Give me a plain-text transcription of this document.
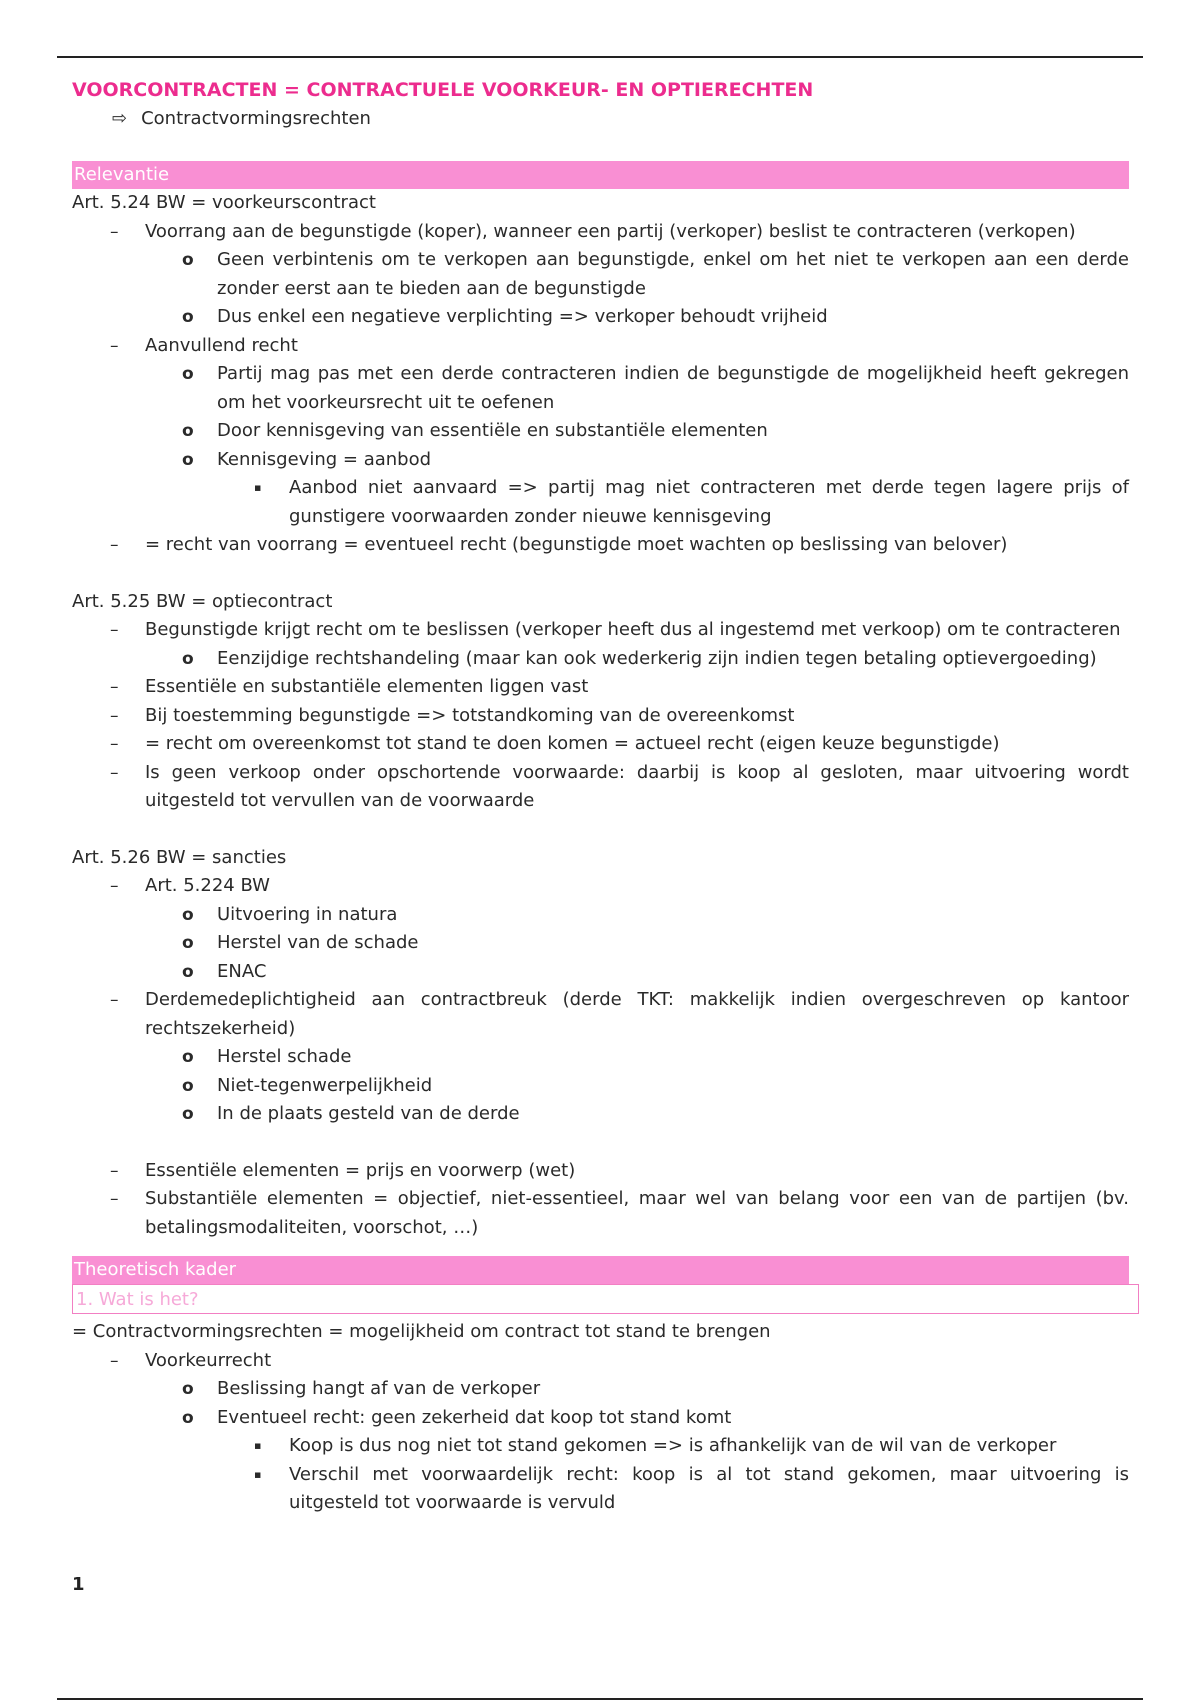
VOORCONTRACTEN = CONTRACTUELE VOORKEUR- EN OPTIERECHTEN
⇨ Contractvormingsrechten
Relevantie
Art. 5.24 BW = voorkeurscontract
– Voorrang aan de begunstigde (koper), wanneer een partij (verkoper) beslist te contracteren (verkopen)
o Geen verbintenis om te verkopen aan begunstigde, enkel om het niet te verkopen aan een derde zonder eerst aan te bieden aan de begunstigde
o Dus enkel een negatieve verplichting => verkoper behoudt vrijheid
– Aanvullend recht
o Partij mag pas met een derde contracteren indien de begunstigde de mogelijkheid heeft gekregen om het voorkeursrecht uit te oefenen
o Door kennisgeving van essentiële en substantiële elementen
o Kennisgeving = aanbod
▪ Aanbod niet aanvaard => partij mag niet contracteren met derde tegen lagere prijs of gunstigere voorwaarden zonder nieuwe kennisgeving
– = recht van voorrang = eventueel recht (begunstigde moet wachten op beslissing van belover)
Art. 5.25 BW = optiecontract
– Begunstigde krijgt recht om te beslissen (verkoper heeft dus al ingestemd met verkoop) om te contracteren
o Eenzijdige rechtshandeling (maar kan ook wederkerig zijn indien tegen betaling optievergoeding)
– Essentiële en substantiële elementen liggen vast
– Bij toestemming begunstigde => totstandkoming van de overeenkomst
– = recht om overeenkomst tot stand te doen komen = actueel recht (eigen keuze begunstigde)
– Is geen verkoop onder opschortende voorwaarde: daarbij is koop al gesloten, maar uitvoering wordt uitgesteld tot vervullen van de voorwaarde
Art. 5.26 BW = sancties
– Art. 5.224 BW
o Uitvoering in natura
o Herstel van de schade
o ENAC
– Derdemedeplichtigheid aan contractbreuk (derde TKT: makkelijk indien overgeschreven op kantoor rechtszekerheid)
o Herstel schade
o Niet-tegenwerpelijkheid
o In de plaats gesteld van de derde
– Essentiële elementen = prijs en voorwerp (wet)
– Substantiële elementen = objectief, niet-essentieel, maar wel van belang voor een van de partijen (bv. betalingsmodaliteiten, voorschot, …)
Theoretisch kader
1. Wat is het?
= Contractvormingsrechten = mogelijkheid om contract tot stand te brengen
– Voorkeurrecht
o Beslissing hangt af van de verkoper
o Eventueel recht: geen zekerheid dat koop tot stand komt
▪ Koop is dus nog niet tot stand gekomen => is afhankelijk van de wil van de verkoper
▪ Verschil met voorwaardelijk recht: koop is al tot stand gekomen, maar uitvoering is uitgesteld tot voorwaarde is vervuld
1
